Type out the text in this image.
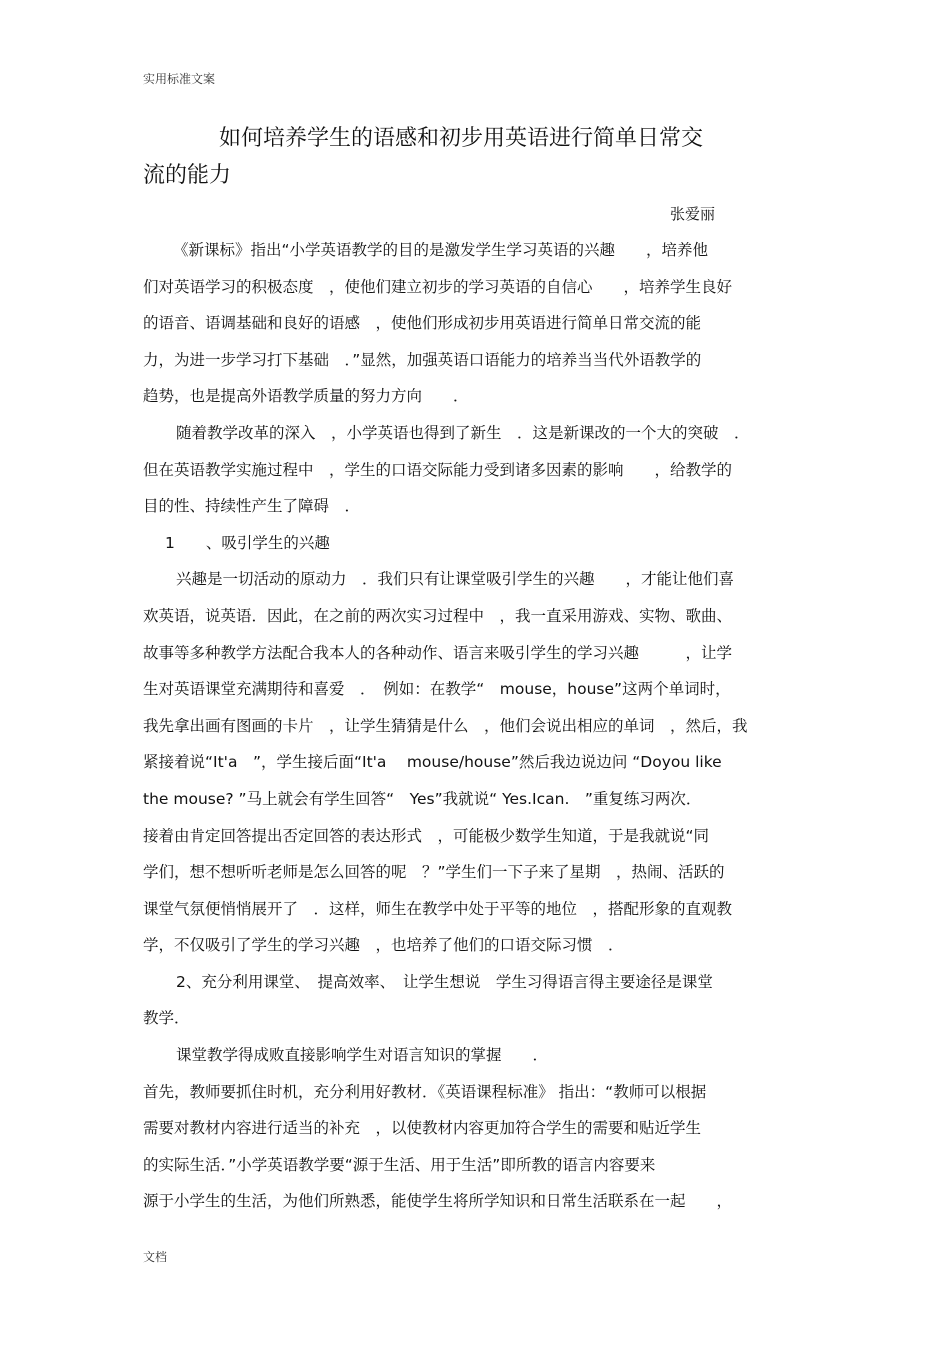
实用标准文案
如何培养学生的语感和初步用英语进行简单日常交
流的能力
张爱丽
《新课标》指出“小学英语教学的目的是激发学生学习英语的兴趣　　，培养他
们对英语学习的积极态度　，使他们建立初步的学习英语的自信心　　，培养学生良好
的语音、语调基础和良好的语感　，使他们形成初步用英语进行简单日常交流的能
力，为进一步学习打下基础　．”显然，加强英语口语能力的培养当当代外语教学的
趋势，也是提高外语教学质量的努力方向　　．
随着教学改革的深入　，小学英语也得到了新生　．这是新课改的一个大的突破　．
但在英语教学实施过程中　，学生的口语交际能力受到诸多因素的影响　　，给教学的
目的性、持续性产生了障碍　．
1　　、吸引学生的兴趣
兴趣是一切活动的原动力　．我们只有让课堂吸引学生的兴趣　　，才能让他们喜
欢英语，说英语．因此，在之前的两次实习过程中　，我一直采用游戏、实物、歌曲、
故事等多种教学方法配合我本人的各种动作、语言来吸引学生的学习兴趣　　　，让学
生对英语课堂充满期待和喜爱　．　例如：在教学“　mouse，house”这两个单词时，
我先拿出画有图画的卡片　，让学生猜猜是什么　，他们会说出相应的单词　，然后，我
紧接着说“It'a　”，学生接后面“It'a　 mouse/house”然后我边说边问 “Doyou like
the mouse? ”马上就会有学生回答“　Yes”我就说“ Yes.Ican.　”重复练习两次．
接着由肯定回答提出否定回答的表达形式　，可能极少数学生知道，于是我就说“同
学们，想不想听听老师是怎么回答的呢　？”学生们一下子来了星期　，热闹、活跃的
课堂气氛便悄悄展开了　．这样，师生在教学中处于平等的地位　，搭配形象的直观教
学，不仅吸引了学生的学习兴趣　，也培养了他们的口语交际习惯　．
2、充分利用课堂、　提高效率、　让学生想说　学生习得语言得主要途径是课堂
教学．
课堂教学得成败直接影响学生对语言知识的掌握　　．
首先，教师要抓住时机，充分利用好教材．《英语课程标准》 指出：“教师可以根据
需要对教材内容进行适当的补充　，以使教材内容更加符合学生的需要和贴近学生
的实际生活．”小学英语教学要“源于生活、用于生活”即所教的语言内容要来
源于小学生的生活，为他们所熟悉，能使学生将所学知识和日常生活联系在一起　　，
文档
